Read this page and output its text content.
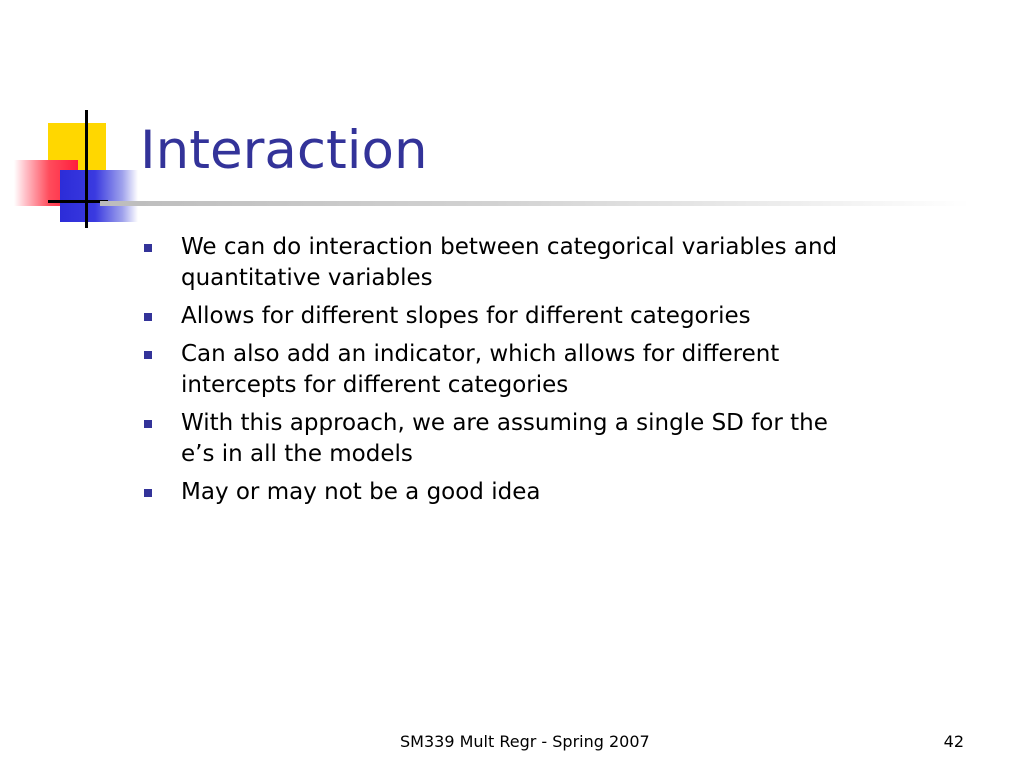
Interaction
We can do interaction between categorical variables and quantitative variables
Allows for different slopes for different categories
Can also add an indicator, which allows for different intercepts for different categories
With this approach, we are assuming a single SD for the e’s in all the models
May or may not be a good idea
SM339 Mult Regr - Spring 2007	42
